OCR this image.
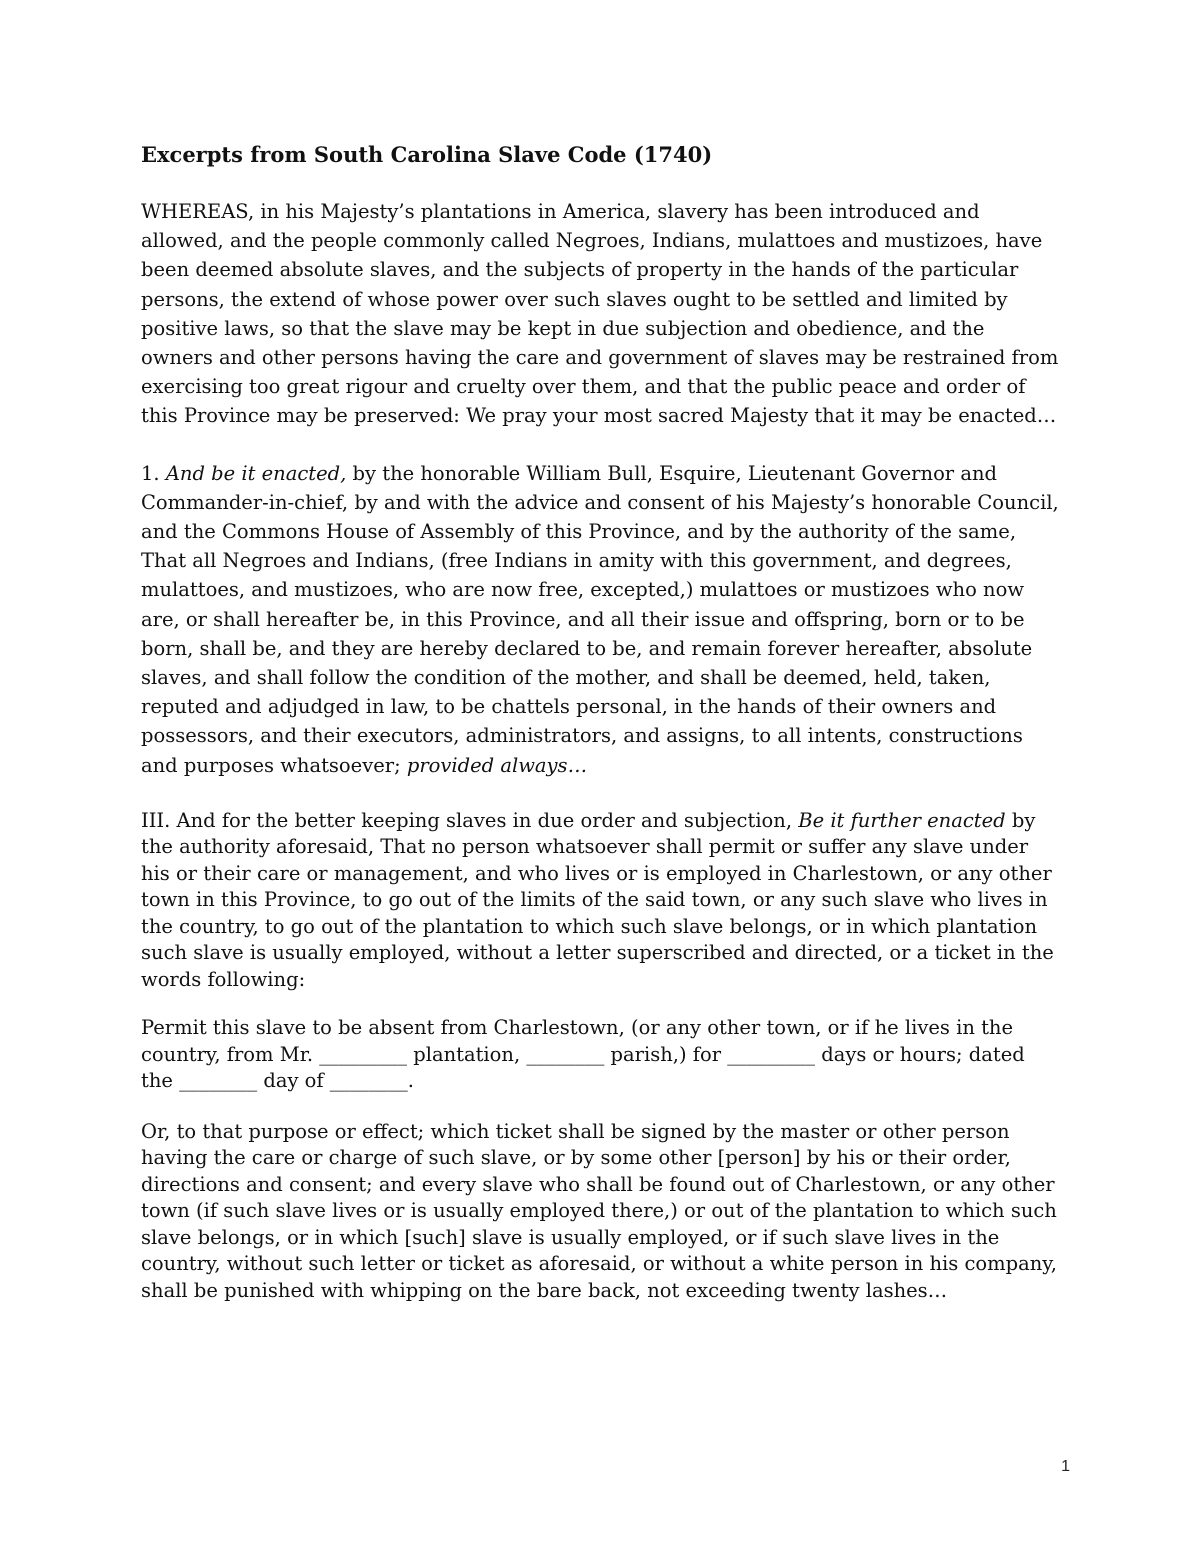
Excerpts from South Carolina Slave Code (1740)

WHEREAS, in his Majesty’s plantations in America, slavery has been introduced and allowed, and the people commonly called Negroes, Indians, mulattoes and mustizoes, have been deemed absolute slaves, and the subjects of property in the hands of the particular persons, the extend of whose power over such slaves ought to be settled and limited by positive laws, so that the slave may be kept in due subjection and obedience, and the owners and other persons having the care and government of slaves may be restrained from exercising too great rigour and cruelty over them, and that the public peace and order of this Province may be preserved: We pray your most sacred Majesty that it may be enacted…

1. And be it enacted, by the honorable William Bull, Esquire, Lieutenant Governor and Commander-in-chief, by and with the advice and consent of his Majesty’s honorable Council, and the Commons House of Assembly of this Province, and by the authority of the same, That all Negroes and Indians, (free Indians in amity with this government, and degrees, mulattoes, and mustizoes, who are now free, excepted,) mulattoes or mustizoes who now are, or shall hereafter be, in this Province, and all their issue and offspring, born or to be born, shall be, and they are hereby declared to be, and remain forever hereafter, absolute slaves, and shall follow the condition of the mother, and shall be deemed, held, taken, reputed and adjudged in law, to be chattels personal, in the hands of their owners and possessors, and their executors, administrators, and assigns, to all intents, constructions and purposes whatsoever; provided always…

III. And for the better keeping slaves in due order and subjection, Be it further enacted by the authority aforesaid, That no person whatsoever shall permit or suffer any slave under his or their care or management, and who lives or is employed in Charlestown, or any other town in this Province, to go out of the limits of the said town, or any such slave who lives in the country, to go out of the plantation to which such slave belongs, or in which plantation such slave is usually employed, without a letter superscribed and directed, or a ticket in the words following:

Permit this slave to be absent from Charlestown, (or any other town, or if he lives in the country, from Mr. _________ plantation, ________ parish,) for _________ days or hours; dated the ________ day of ________.

Or, to that purpose or effect; which ticket shall be signed by the master or other person having the care or charge of such slave, or by some other [person] by his or their order, directions and consent; and every slave who shall be found out of Charlestown, or any other town (if such slave lives or is usually employed there,) or out of the plantation to which such slave belongs, or in which [such] slave is usually employed, or if such slave lives in the country, without such letter or ticket as aforesaid, or without a white person in his company, shall be punished with whipping on the bare back, not exceeding twenty lashes…

1
